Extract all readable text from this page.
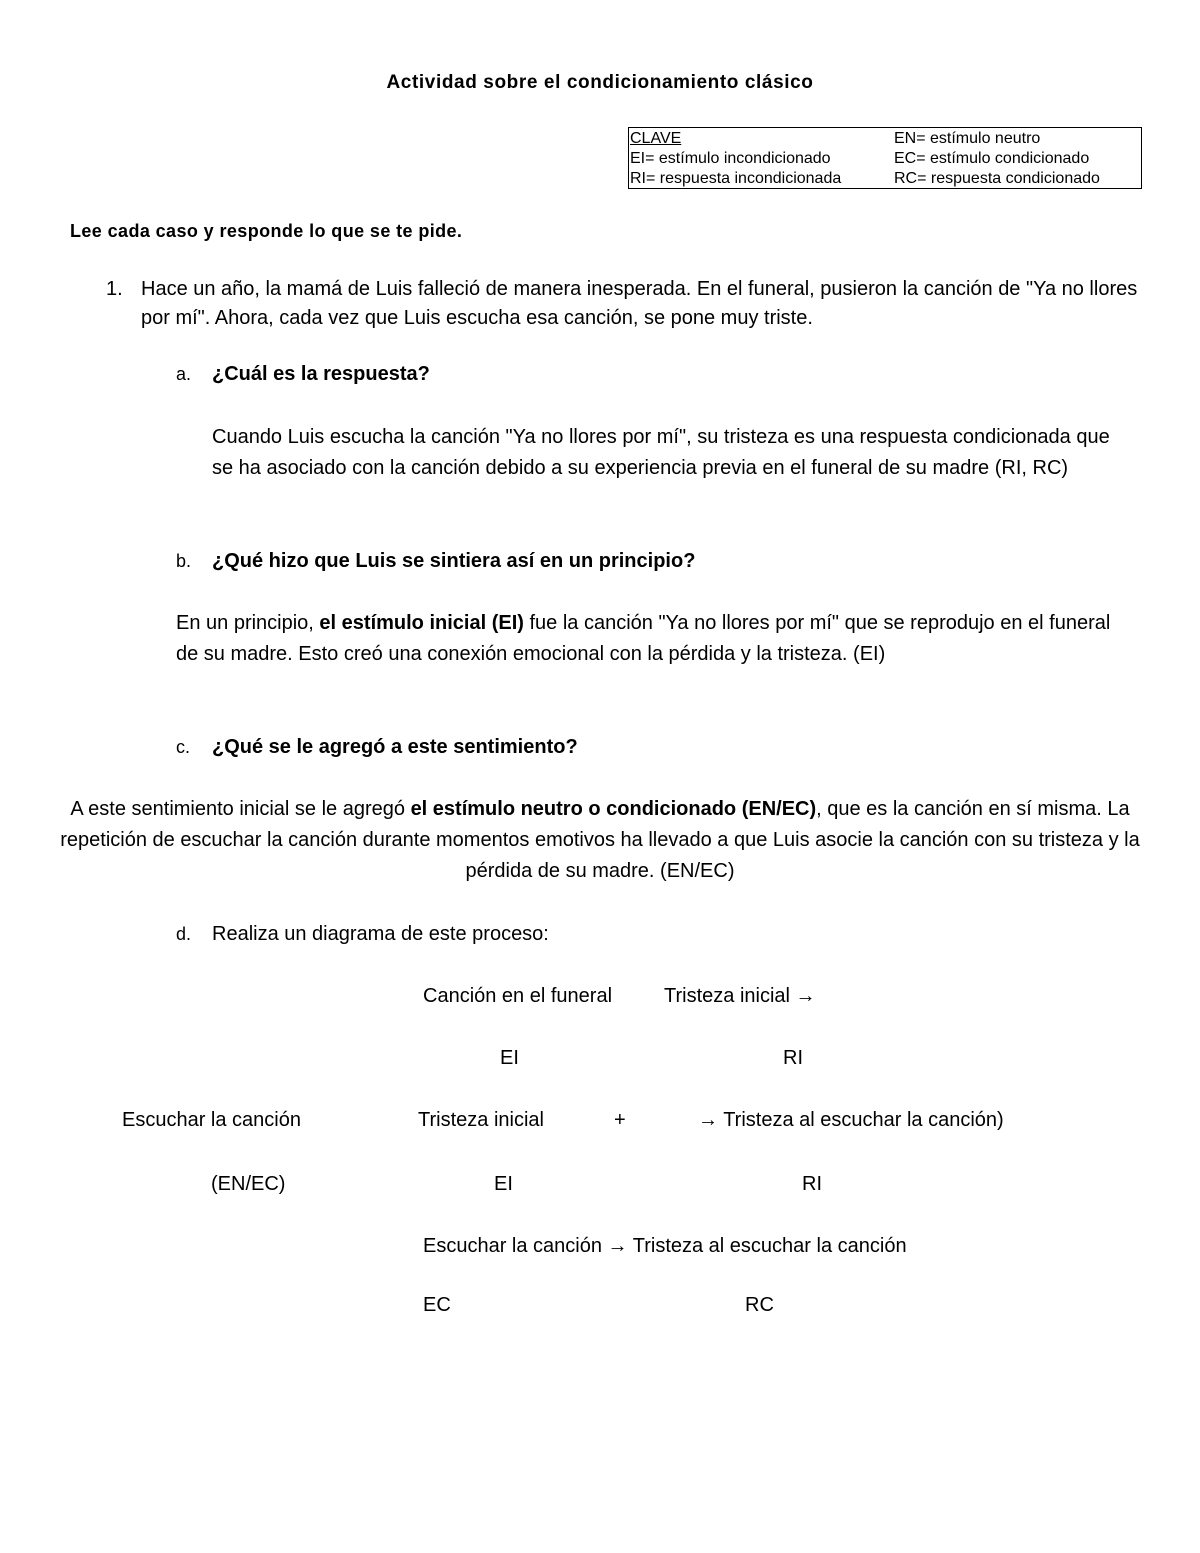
Actividad sobre el condicionamiento clásico
CLAVE	EN= estímulo neutro
EI= estímulo incondicionado	EC= estímulo condicionado
RI= respuesta incondicionada	RC= respuesta condicionado
Lee cada caso y responde lo que se te pide.
1. Hace un año, la mamá de Luis falleció de manera inesperada. En el funeral, pusieron la canción de "Ya no llores por mí". Ahora, cada vez que Luis escucha esa canción, se pone muy triste.
a. ¿Cuál es la respuesta?
Cuando Luis escucha la canción "Ya no llores por mí", su tristeza es una respuesta condicionada que se ha asociado con la canción debido a su experiencia previa en el funeral de su madre (RI, RC)
b. ¿Qué hizo que Luis se sintiera así en un principio?
En un principio, el estímulo inicial (EI) fue la canción "Ya no llores por mí" que se reprodujo en el funeral de su madre. Esto creó una conexión emocional con la pérdida y la tristeza. (EI)
c. ¿Qué se le agregó a este sentimiento?
A este sentimiento inicial se le agregó el estímulo neutro o condicionado (EN/EC), que es la canción en sí misma. La repetición de escuchar la canción durante momentos emotivos ha llevado a que Luis asocie la canción con su tristeza y la pérdida de su madre. (EN/EC)
d. Realiza un diagrama de este proceso:
Canción en el funeral	Tristeza inicial →
EI	RI
Escuchar la canción	Tristeza inicial	+	→ Tristeza al escuchar la canción)
(EN/EC)	EI	RI
Escuchar la canción → Tristeza al escuchar la canción
EC	RC
